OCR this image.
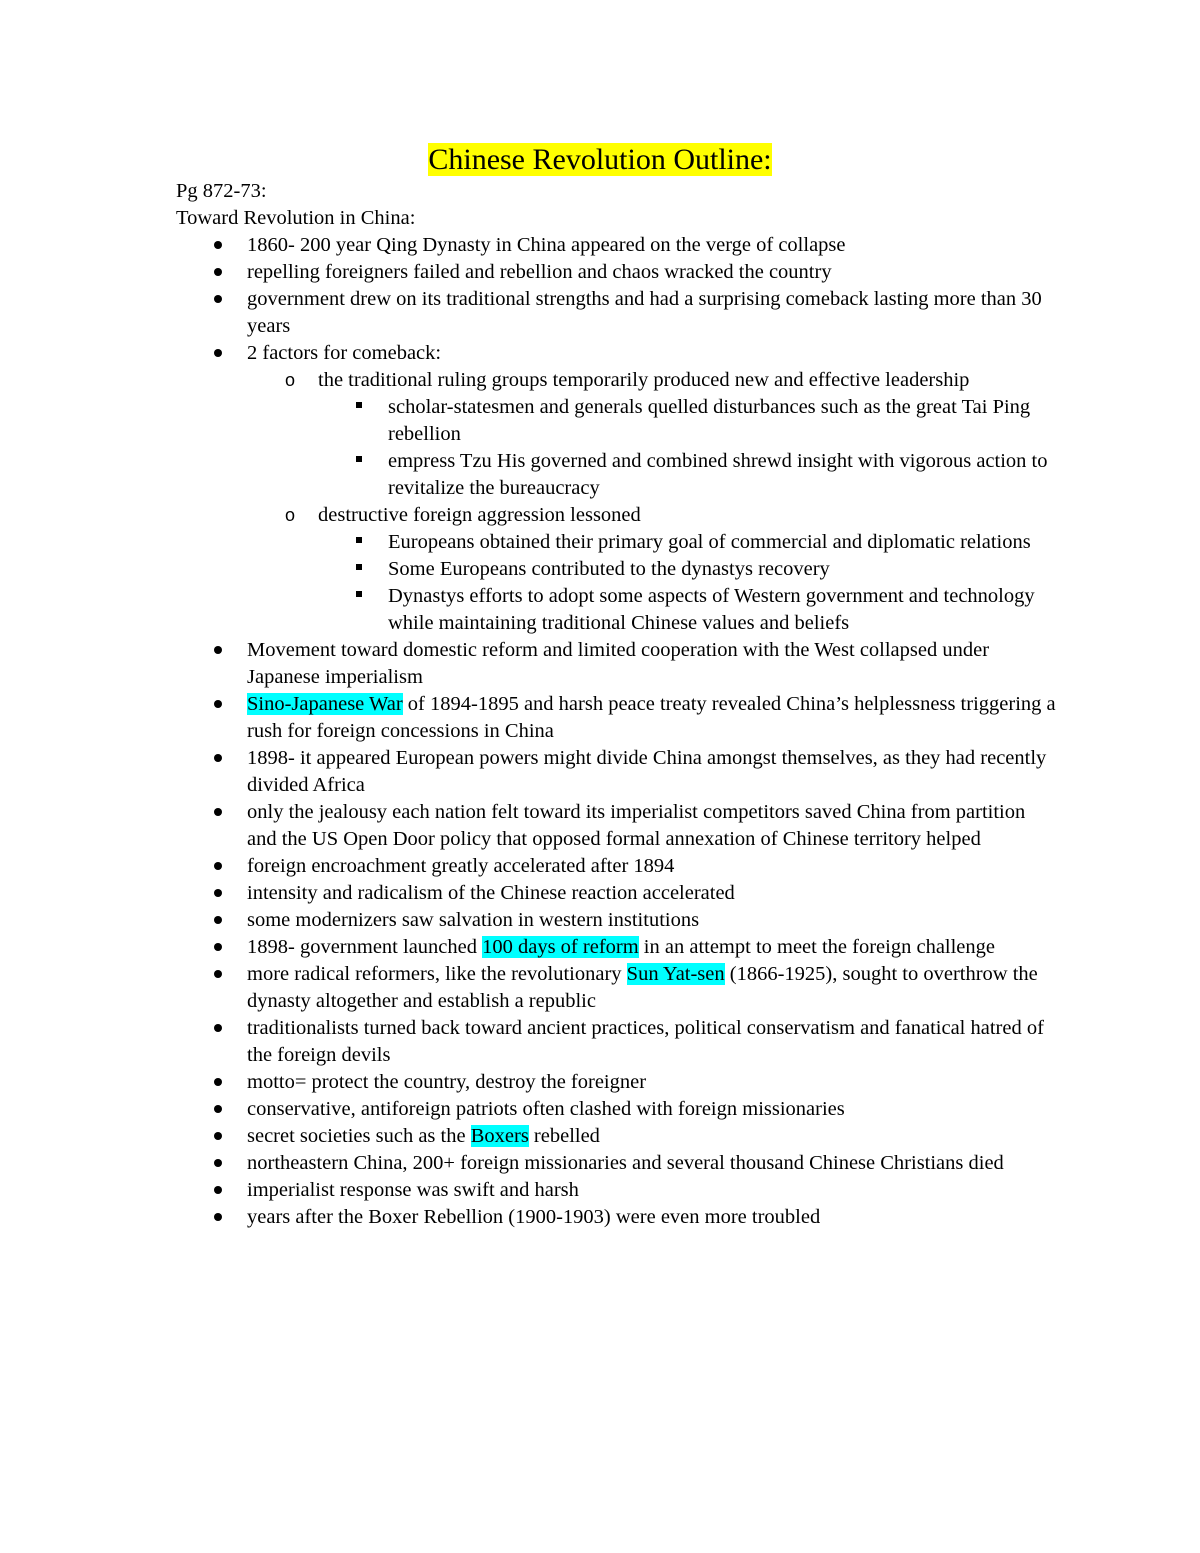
Chinese Revolution Outline:
Pg 872-73:
Toward Revolution in China:
1860- 200 year Qing Dynasty in China appeared on the verge of collapse
repelling foreigners failed and rebellion and chaos wracked the country
government drew on its traditional strengths and had a surprising comeback lasting more than 30 years
2 factors for comeback:
o the traditional ruling groups temporarily produced new and effective leadership
scholar-statesmen and generals quelled disturbances such as the great Tai Ping rebellion
empress Tzu His governed and combined shrewd insight with vigorous action to revitalize the bureaucracy
o destructive foreign aggression lessoned
Europeans obtained their primary goal of commercial and diplomatic relations
Some Europeans contributed to the dynastys recovery
Dynastys efforts to adopt some aspects of Western government and technology while maintaining traditional Chinese values and beliefs
Movement toward domestic reform and limited cooperation with the West collapsed under Japanese imperialism
Sino-Japanese War of 1894-1895 and harsh peace treaty revealed China’s helplessness triggering a rush for foreign concessions in China
1898- it appeared European powers might divide China amongst themselves, as they had recently divided Africa
only the jealousy each nation felt toward its imperialist competitors saved China from partition and the US Open Door policy that opposed formal annexation of Chinese territory helped
foreign encroachment greatly accelerated after 1894
intensity and radicalism of the Chinese reaction accelerated
some modernizers saw salvation in western institutions
1898- government launched 100 days of reform in an attempt to meet the foreign challenge
more radical reformers, like the revolutionary Sun Yat-sen (1866-1925), sought to overthrow the dynasty altogether and establish a republic
traditionalists turned back toward ancient practices, political conservatism and fanatical hatred of the foreign devils
motto= protect the country, destroy the foreigner
conservative, antiforeign patriots often clashed with foreign missionaries
secret societies such as the Boxers rebelled
northeastern China, 200+ foreign missionaries and several thousand Chinese Christians died
imperialist response was swift and harsh
years after the Boxer Rebellion (1900-1903) were even more troubled
